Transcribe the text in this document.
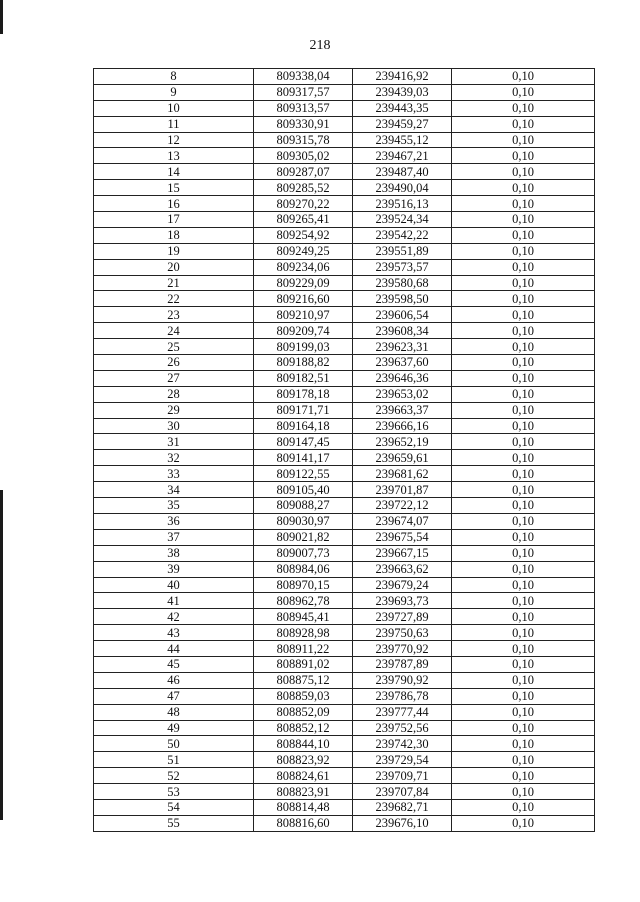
218
8	809338,04	239416,92	0,10
9	809317,57	239439,03	0,10
10	809313,57	239443,35	0,10
11	809330,91	239459,27	0,10
12	809315,78	239455,12	0,10
13	809305,02	239467,21	0,10
14	809287,07	239487,40	0,10
15	809285,52	239490,04	0,10
16	809270,22	239516,13	0,10
17	809265,41	239524,34	0,10
18	809254,92	239542,22	0,10
19	809249,25	239551,89	0,10
20	809234,06	239573,57	0,10
21	809229,09	239580,68	0,10
22	809216,60	239598,50	0,10
23	809210,97	239606,54	0,10
24	809209,74	239608,34	0,10
25	809199,03	239623,31	0,10
26	809188,82	239637,60	0,10
27	809182,51	239646,36	0,10
28	809178,18	239653,02	0,10
29	809171,71	239663,37	0,10
30	809164,18	239666,16	0,10
31	809147,45	239652,19	0,10
32	809141,17	239659,61	0,10
33	809122,55	239681,62	0,10
34	809105,40	239701,87	0,10
35	809088,27	239722,12	0,10
36	809030,97	239674,07	0,10
37	809021,82	239675,54	0,10
38	809007,73	239667,15	0,10
39	808984,06	239663,62	0,10
40	808970,15	239679,24	0,10
41	808962,78	239693,73	0,10
42	808945,41	239727,89	0,10
43	808928,98	239750,63	0,10
44	808911,22	239770,92	0,10
45	808891,02	239787,89	0,10
46	808875,12	239790,92	0,10
47	808859,03	239786,78	0,10
48	808852,09	239777,44	0,10
49	808852,12	239752,56	0,10
50	808844,10	239742,30	0,10
51	808823,92	239729,54	0,10
52	808824,61	239709,71	0,10
53	808823,91	239707,84	0,10
54	808814,48	239682,71	0,10
55	808816,60	239676,10	0,10
